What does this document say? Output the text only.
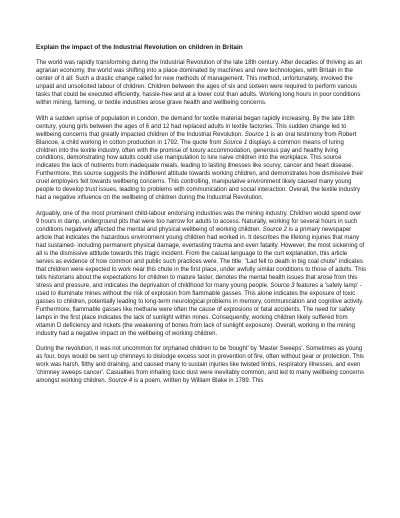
Explain the impact of the Industrial Revolution on children in Britain

The world was rapidly transforming during the Industrial Revolution of the late 18th century. After decades of thriving as an agrarian economy, the world was shifting into a place dominated by machines and new technologies, with Britain in the center of it all. Such a drastic change called for new methods of management. This method, unfortunately, involved the unpaid and unsolicited labour of children. Children between the ages of six and sixteen were required to perform various tasks that could be executed efficiently, hassle-free and at a lower cost than adults. Working long hours in poor conditions within mining, farming, or textile industries arose grave health and wellbeing concerns.

With a sudden uprise of population in London, the demand for textile material began rapidly increasing. By the late 18th century, young girls between the ages of 6 and 12 had replaced adults in textile factories. This sudden change led to wellbeing concerns that greatly impacted children of the Industrial Revolution. Source 1 is an oral testimony from Robert Blancoe, a child working in cotton production in 1792. The quote from Source 1 displays a common means of luring children into the textile industry, often with the promise of luxury accommodation, generous pay and healthy living conditions, demonstrating how adults could use manipulation to lure naive children into the workplace. This source indicates the lack of nutrients from inadequate meals, leading to lasting illnesses like scurvy, cancer and heart disease. Furthermore, this source suggests the indifferent attitude towards working children, and demonstrates how dismissive their cruel employers felt towards wellbeing concerns. This controlling, manipulative environment likely caused many young people to develop trust issues, leading to problems with communication and social interaction. Overall, the textile industry had a negative influence on the wellbeing of children during the Industrial Revolution.

Arguably, one of the most prominent child-labour endorsing industries was the mining industry. Children would spend over 9 hours in damp, underground pits that were too narrow for adults to access. Naturally, working for several hours in such conditions negatively affected the mental and physical wellbeing of working children. Source 2 is a primary newspaper article that indicates the hazardous environment young children had worked in. It describes the lifelong injuries that many had sustained- including permanent physical damage, everlasting trauma and even fatality. However, the most sickening of all is the dismissive attitude towards this tragic incident. From the casual language to the curt explanation, this article serves as evidence of how common and public such practices were. The title: "Lad fell to death in big coal chute" indicates that children were expected to work near this chute in the first place, under awfully similar conditions to those of adults. This tells historians about the expectations for children to mature faster, denotes the mental health issues that arose from this stress and pressure, and indicates the deprivation of childhood for many young people. Source 3 features a 'safety lamp' - used to illuminate mines without the risk of explosion from flammable gasses. This alone indicates the exposure of toxic gasses to children, potentially leading to long-term neurological problems in memory, communication and cognitive activity. Furthermore, flammable gasses like methane were often the cause of explosions or fatal accidents. The need for safety lamps in the first place indicates the lack of sunlight within mines. Consequently, working children likely suffered from vitamin D deficiency and rickets (the weakening of bones from lack of sunlight exposure). Overall, working in the mining industry had a negative impact on the wellbeing of working children.

During the revolution, it was not uncommon for orphaned children to be 'bought' by 'Master Sweeps'. Sometimes as young as four, boys would be sent up chimneys to dislodge excess soot in prevention of fire, often without gear or protection. This work was harsh, filthy and draining, and caused many to sustain injuries like twisted limbs, respiratory illnesses, and even 'chimney sweeps cancer'. Casualties from inhaling toxic dust were inevitably common, and led to many wellbeing concerns amongst working children. Source 4 is a poem, written by William Blake in 1789. This
